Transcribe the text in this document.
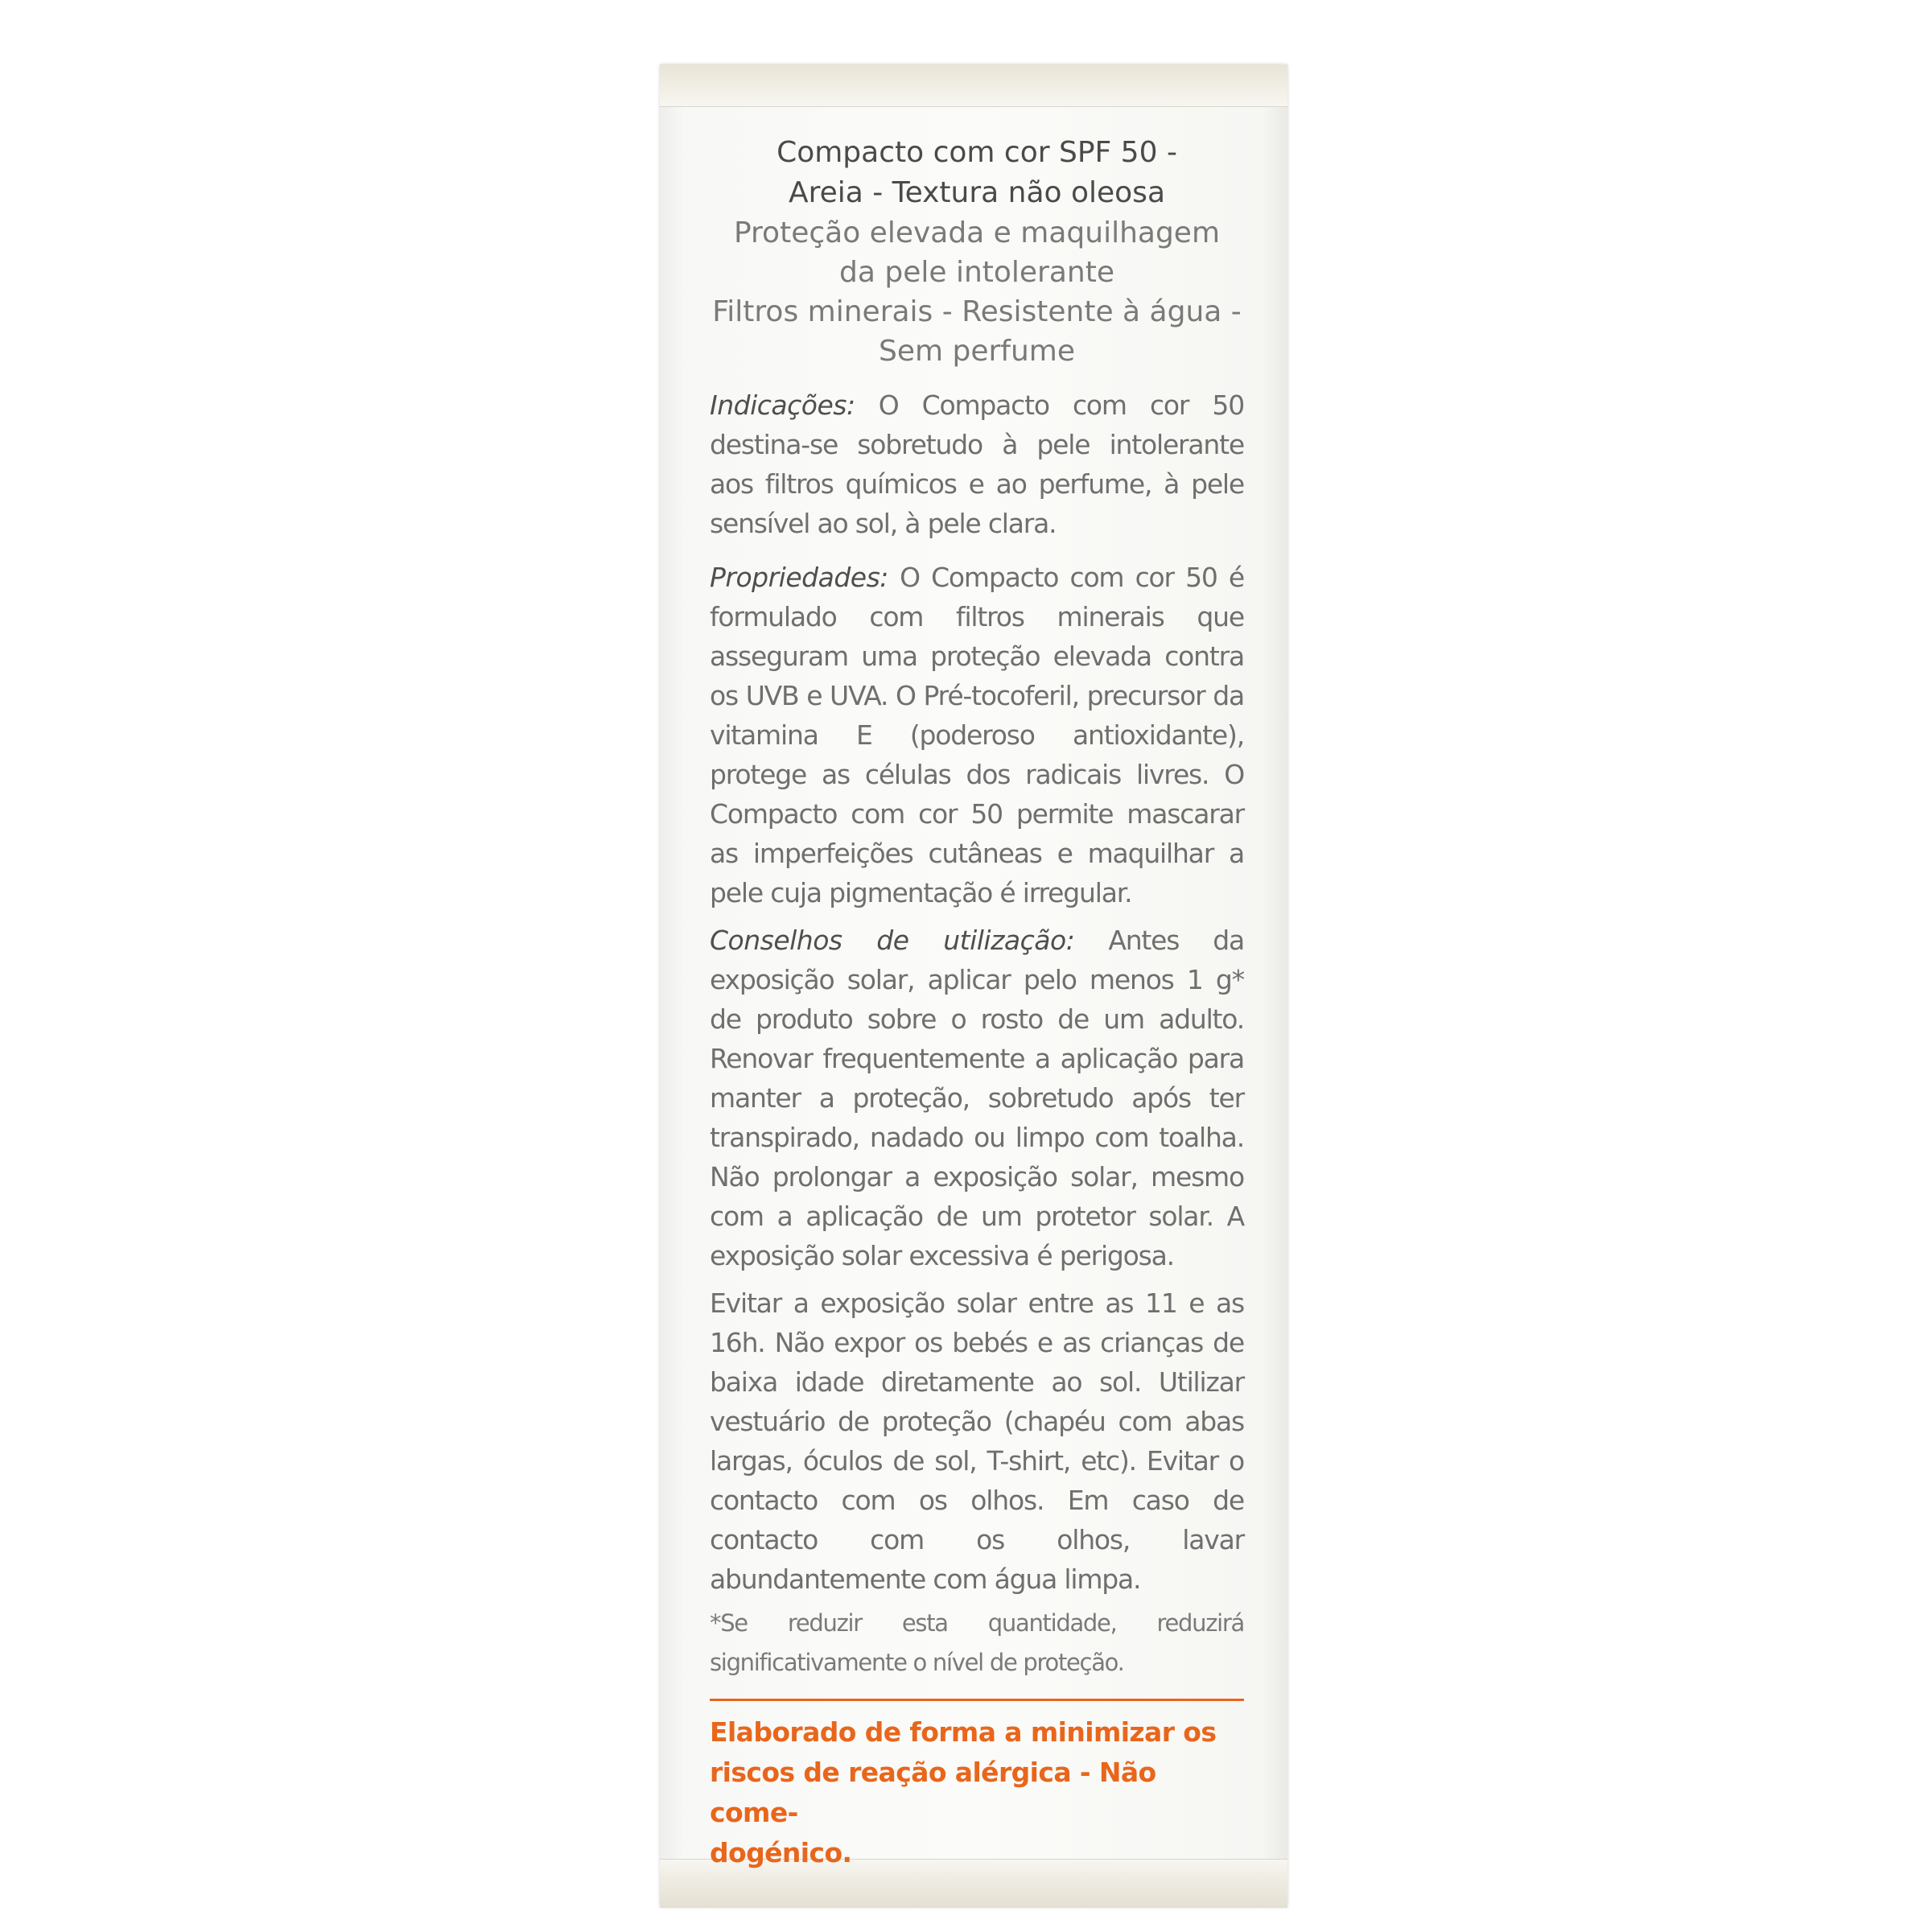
Compacto com cor SPF 50 -
Areia - Textura não oleosa

Proteção elevada e maquilhagem
da pele intolerante
Filtros minerais - Resistente à água -
Sem perfume

Indicações: O Compacto com cor 50 destina-se sobretudo à pele intolerante aos filtros químicos e ao perfume, à pele sensível ao sol, à pele clara.

Propriedades: O Compacto com cor 50 é formulado com filtros minerais que asseguram uma proteção elevada contra os UVB e UVA. O Pré-tocoferil, precursor da vitamina E (poderoso antioxidante), protege as células dos radicais livres. O Compacto com cor 50 permite mascarar as imperfeições cutâneas e maquilhar a pele cuja pigmentação é irregular.

Conselhos de utilização: Antes da exposição solar, aplicar pelo menos 1 g* de produto sobre o rosto de um adulto. Renovar frequentemente a aplicação para manter a proteção, sobretudo após ter transpirado, nadado ou limpo com toalha. Não prolongar a exposição solar, mesmo com a aplicação de um protetor solar. A exposição solar excessiva é perigosa.

Evitar a exposição solar entre as 11 e as 16h. Não expor os bebés e as crianças de baixa idade diretamente ao sol. Utilizar vestuário de proteção (chapéu com abas largas, óculos de sol, T-shirt, etc). Evitar o contacto com os olhos. Em caso de contacto com os olhos, lavar abundantemente com água limpa.

*Se reduzir esta quantidade, reduzirá significativamente o nível de proteção.

Elaborado de forma a minimizar os
riscos de reação alérgica - Não come-
dogénico.
